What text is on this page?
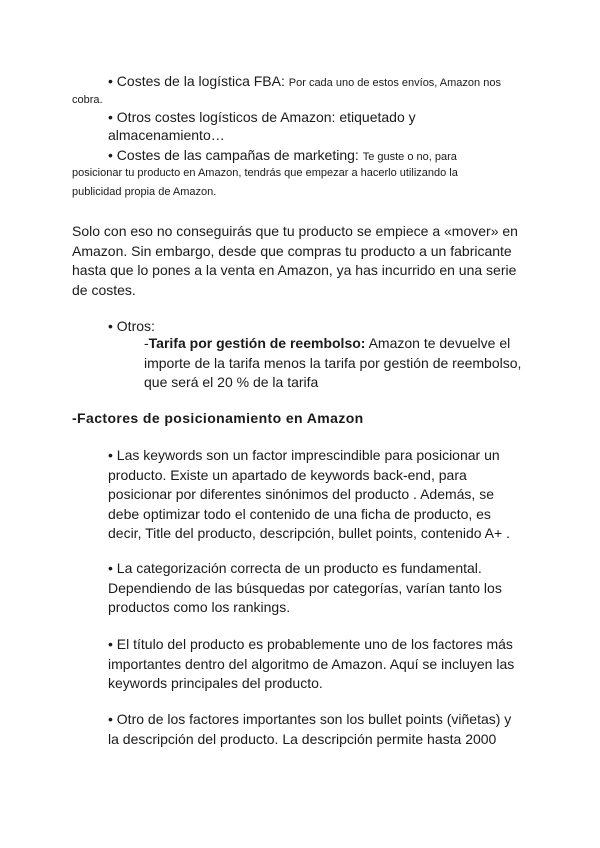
• Costes de la logística FBA: Por cada uno de estos envíos, Amazon nos

cobra.

• Otros costes logísticos de Amazon: etiquetado y

almacenamiento…

• Costes de las campañas de marketing: Te guste o no, para

posicionar tu producto en Amazon, tendrás que empezar a hacerlo utilizando la

publicidad propia de Amazon.

Solo con eso no conseguirás que tu producto se empiece a «mover» en
Amazon. Sin embargo, desde que compras tu producto a un fabricante
hasta que lo pones a la venta en Amazon, ya has incurrido en una serie
de costes.

• Otros:

-Tarifa por gestión de reembolso: Amazon te devuelve el
importe de la tarifa menos la tarifa por gestión de reembolso,
que será el 20 % de la tarifa

-Factores de posicionamiento en Amazon

• Las keywords son un factor imprescindible para posicionar un
producto. Existe un apartado de keywords back-end, para
posicionar por diferentes sinónimos del producto . Además, se
debe optimizar todo el contenido de una ficha de producto, es
decir, Title del producto, descripción, bullet points, contenido A+ .
• La categorización correcta de un producto es fundamental.
Dependiendo de las búsquedas por categorías, varían tanto los
productos como los rankings.
• El título del producto es probablemente uno de los factores más
importantes dentro del algoritmo de Amazon. Aquí se incluyen las
keywords principales del producto.
• Otro de los factores importantes son los bullet points (viñetas) y
la descripción del producto. La descripción permite hasta 2000
